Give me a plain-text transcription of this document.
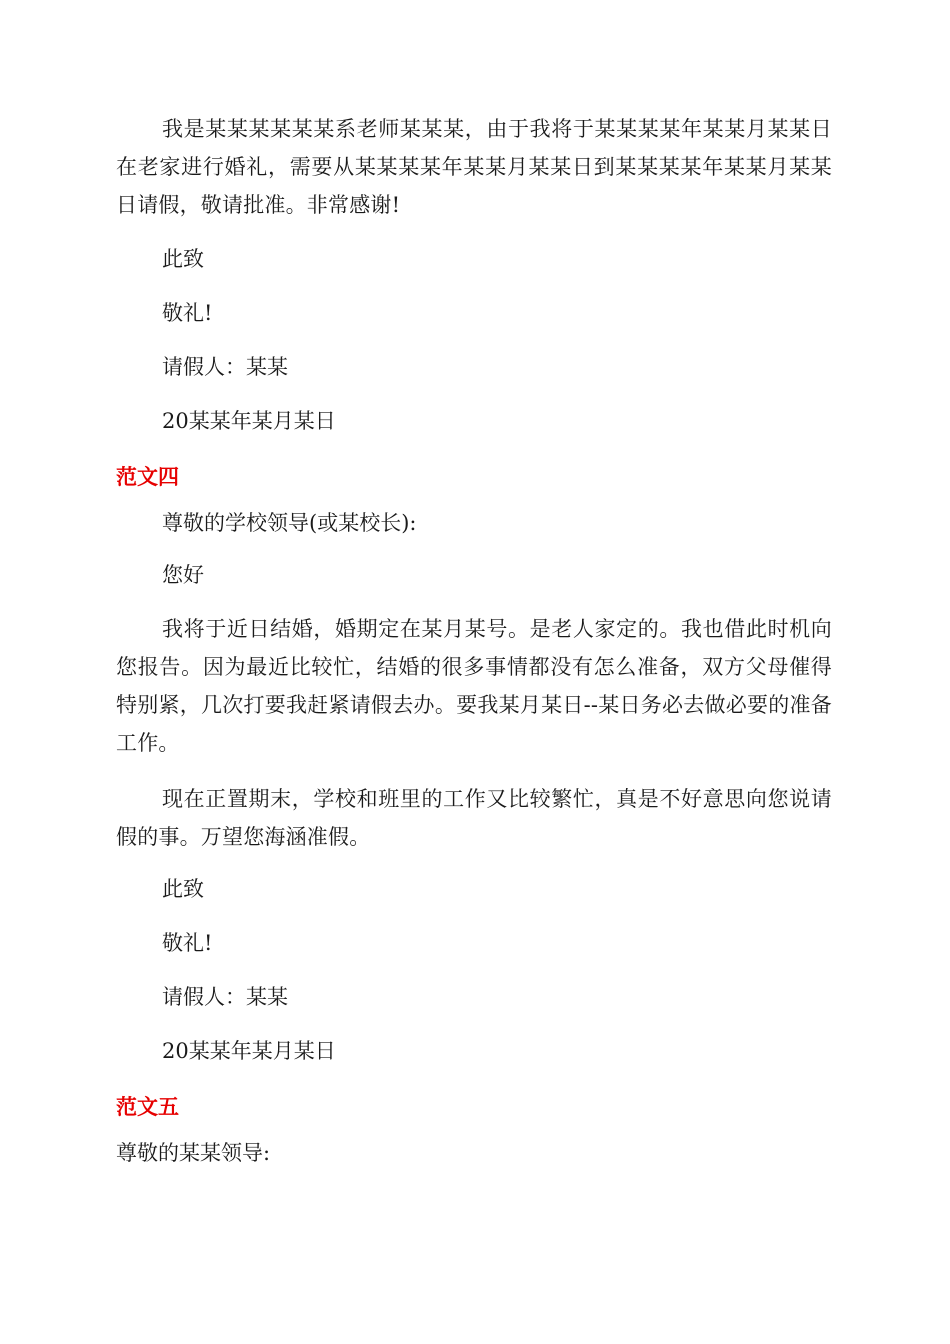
我是某某某某某某系老师某某某，由于我将于某某某某年某某月某某日在老家进行婚礼，需要从某某某某年某某月某某日到某某某某年某某月某某日请假，敬请批准。非常感谢!

此致

敬礼!

请假人：某某

20某某年某月某日

范文四

尊敬的学校领导(或某校长):

您好

我将于近日结婚，婚期定在某月某号。是老人家定的。我也借此时机向您报告。因为最近比较忙，结婚的很多事情都没有怎么准备，双方父母催得特别紧，几次打要我赶紧请假去办。要我某月某日--某日务必去做必要的准备工作。

现在正置期末，学校和班里的工作又比较繁忙，真是不好意思向您说请假的事。万望您海涵准假。

此致

敬礼!

请假人：某某

20某某年某月某日

范文五

尊敬的某某领导:
